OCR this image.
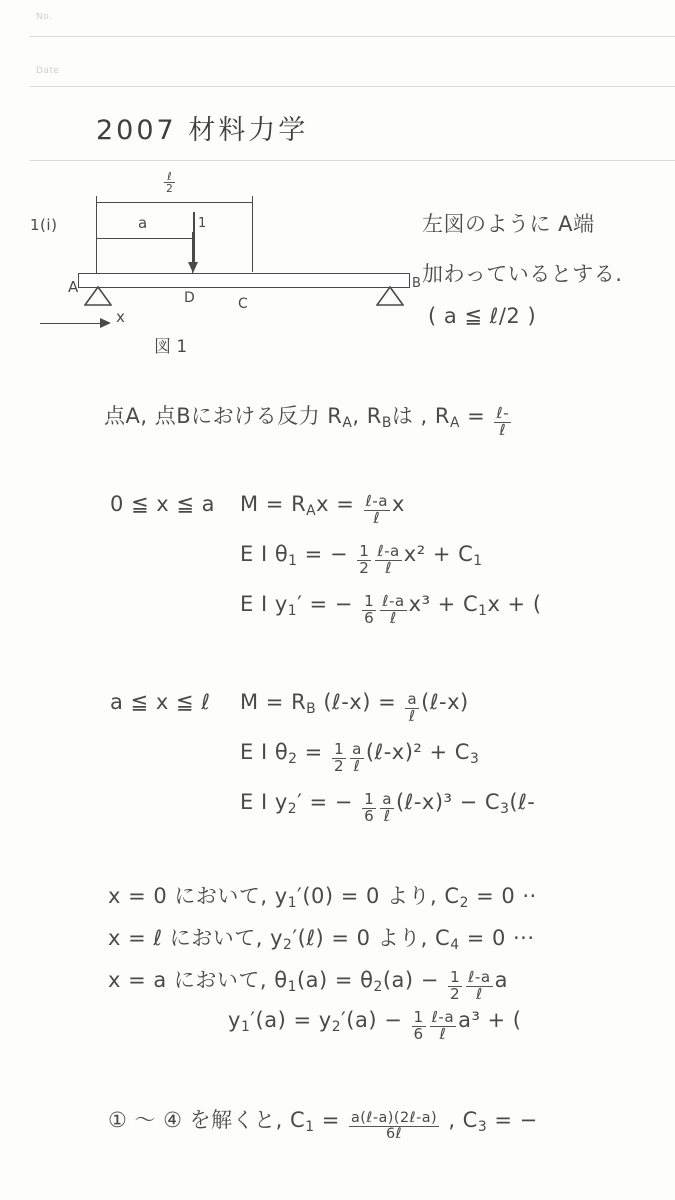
No.
Date
2007 材料力学
$\frac{\text{ℓ}}{2}$
a	1
A	B
D	C
x
図 1
1(i)	左図のように A端
加わっているとする.
( a ≦ ℓ/2 )
点A, 点Bにおける反力 $R_A$, $R_B$は , $R_A = \frac{\text{ℓ-}}{\text{ℓ}}$
0 ≦ x ≦ a $M = R_Ax = \frac{\text{ℓ-a}}{\text{ℓ}}$ x
E I $\theta_1$ = − $\frac{1}{2} \frac{\text{ℓ-a}}{\text{ℓ}} x^2 + C_1$
E I $y_1'$ = − $\frac{1}{6} \frac{\text{ℓ-a}}{\text{ℓ}} x^3 + C_1x$ + (
a ≦ x ≦ ℓ $M = R_B$ (ℓ-x) = $\frac{a}{\text{ℓ}}$ (ℓ-x)
E I $\theta_2 = \frac{1}{2} \frac{a}{\text{ℓ}}$ (ℓ-x)² + $C_3$
E I $y_2'$ = − $\frac{1}{6} \frac{a}{\text{ℓ}}$ (ℓ-x)³ − $C_3(\ell-$
x = 0 において, $y_1'(0) = 0$ より, $C_2 = 0$ ··
x = ℓ において, $y_2'(\ell) = 0$ より, $C_4 = 0$ ···
x = a において, $\theta_1(a) = \theta_2(a) - \frac{1}{2} \frac{\text{ℓ-a}}{\text{ℓ}}$ a
$y_1'(a) = y_2'(a) - \frac{1}{6} \frac{\text{ℓ-a}}{\text{ℓ}} a^3$ + (
① ～ ④ を解くと, $C_1 = \frac{\text{a(ℓ-a)(2ℓ-a)}}{\text{6ℓ}}$ , $C_3$ = −
